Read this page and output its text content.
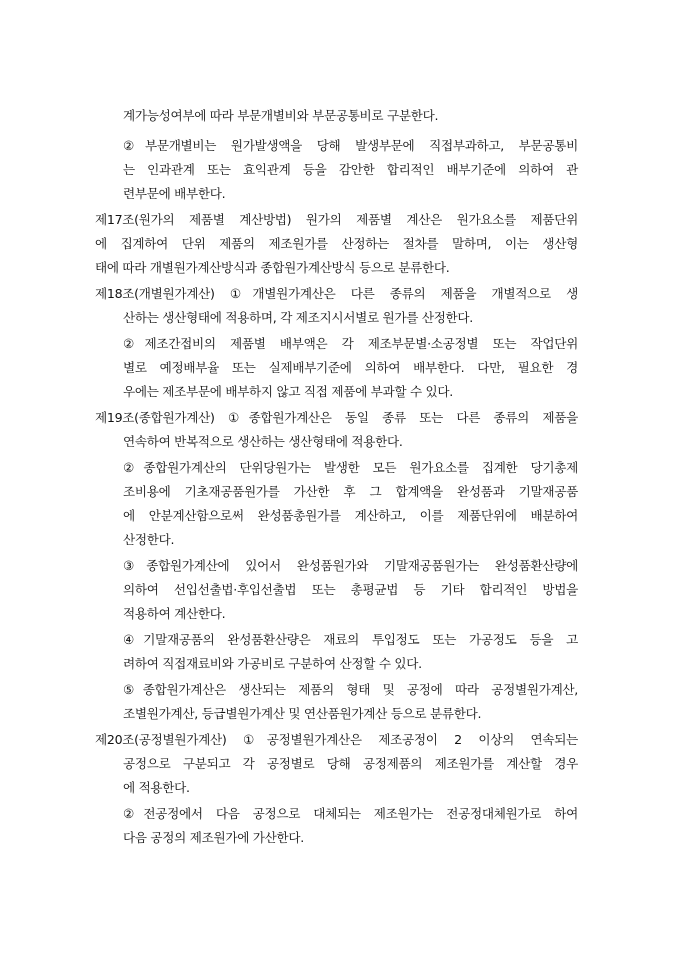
계가능성여부에 따라 부문개별비와 부문공통비로 구분한다.
②부문개별비는 원가발생액을 당해 발생부문에 직접부과하고, 부문공통비
는 인과관계 또는 효익관계 등을 감안한 합리적인 배부기준에 의하여 관
련부문에 배부한다.
제17조(원가의 제품별 계산방법) 원가의 제품별 계산은 원가요소를 제품단위
에 집계하여 단위 제품의 제조원가를 산정하는 절차를 말하며, 이는 생산형
태에 따라 개별원가계산방식과 종합원가계산방식 등으로 분류한다.
제18조(개별원가계산) ①개별원가계산은 다른 종류의 제품을 개별적으로 생
산하는 생산형태에 적용하며, 각 제조지시서별로 원가를 산정한다.
②제조간접비의 제품별 배부액은 각 제조부문별·소공정별 또는 작업단위
별로 예정배부율 또는 실제배부기준에 의하여 배부한다. 다만, 필요한 경
우에는 제조부문에 배부하지 않고 직접 제품에 부과할 수 있다.
제19조(종합원가계산) ①종합원가계산은 동일 종류 또는 다른 종류의 제품을
연속하여 반복적으로 생산하는 생산형태에 적용한다.
②종합원가계산의 단위당원가는 발생한 모든 원가요소를 집계한 당기총제
조비용에 기초재공품원가를 가산한 후 그 합계액을 완성품과 기말재공품
에 안분계산함으로써 완성품총원가를 계산하고, 이를 제품단위에 배분하여
산정한다.
③종합원가계산에 있어서 완성품원가와 기말재공품원가는 완성품환산량에
의하여 선입선출법·후입선출법 또는 총평균법 등 기타 합리적인 방법을
적용하여 계산한다.
④기말재공품의 완성품환산량은 재료의 투입정도 또는 가공정도 등을 고
려하여 직접재료비와 가공비로 구분하여 산정할 수 있다.
⑤종합원가계산은 생산되는 제품의 형태 및 공정에 따라 공정별원가계산,
조별원가계산, 등급별원가계산 및 연산품원가계산 등으로 분류한다.
제20조(공정별원가계산) ①공정별원가계산은 제조공정이 2 이상의 연속되는
공정으로 구분되고 각 공정별로 당해 공정제품의 제조원가를 계산할 경우
에 적용한다.
②전공정에서 다음 공정으로 대체되는 제조원가는 전공정대체원가로 하여
다음 공정의 제조원가에 가산한다.
